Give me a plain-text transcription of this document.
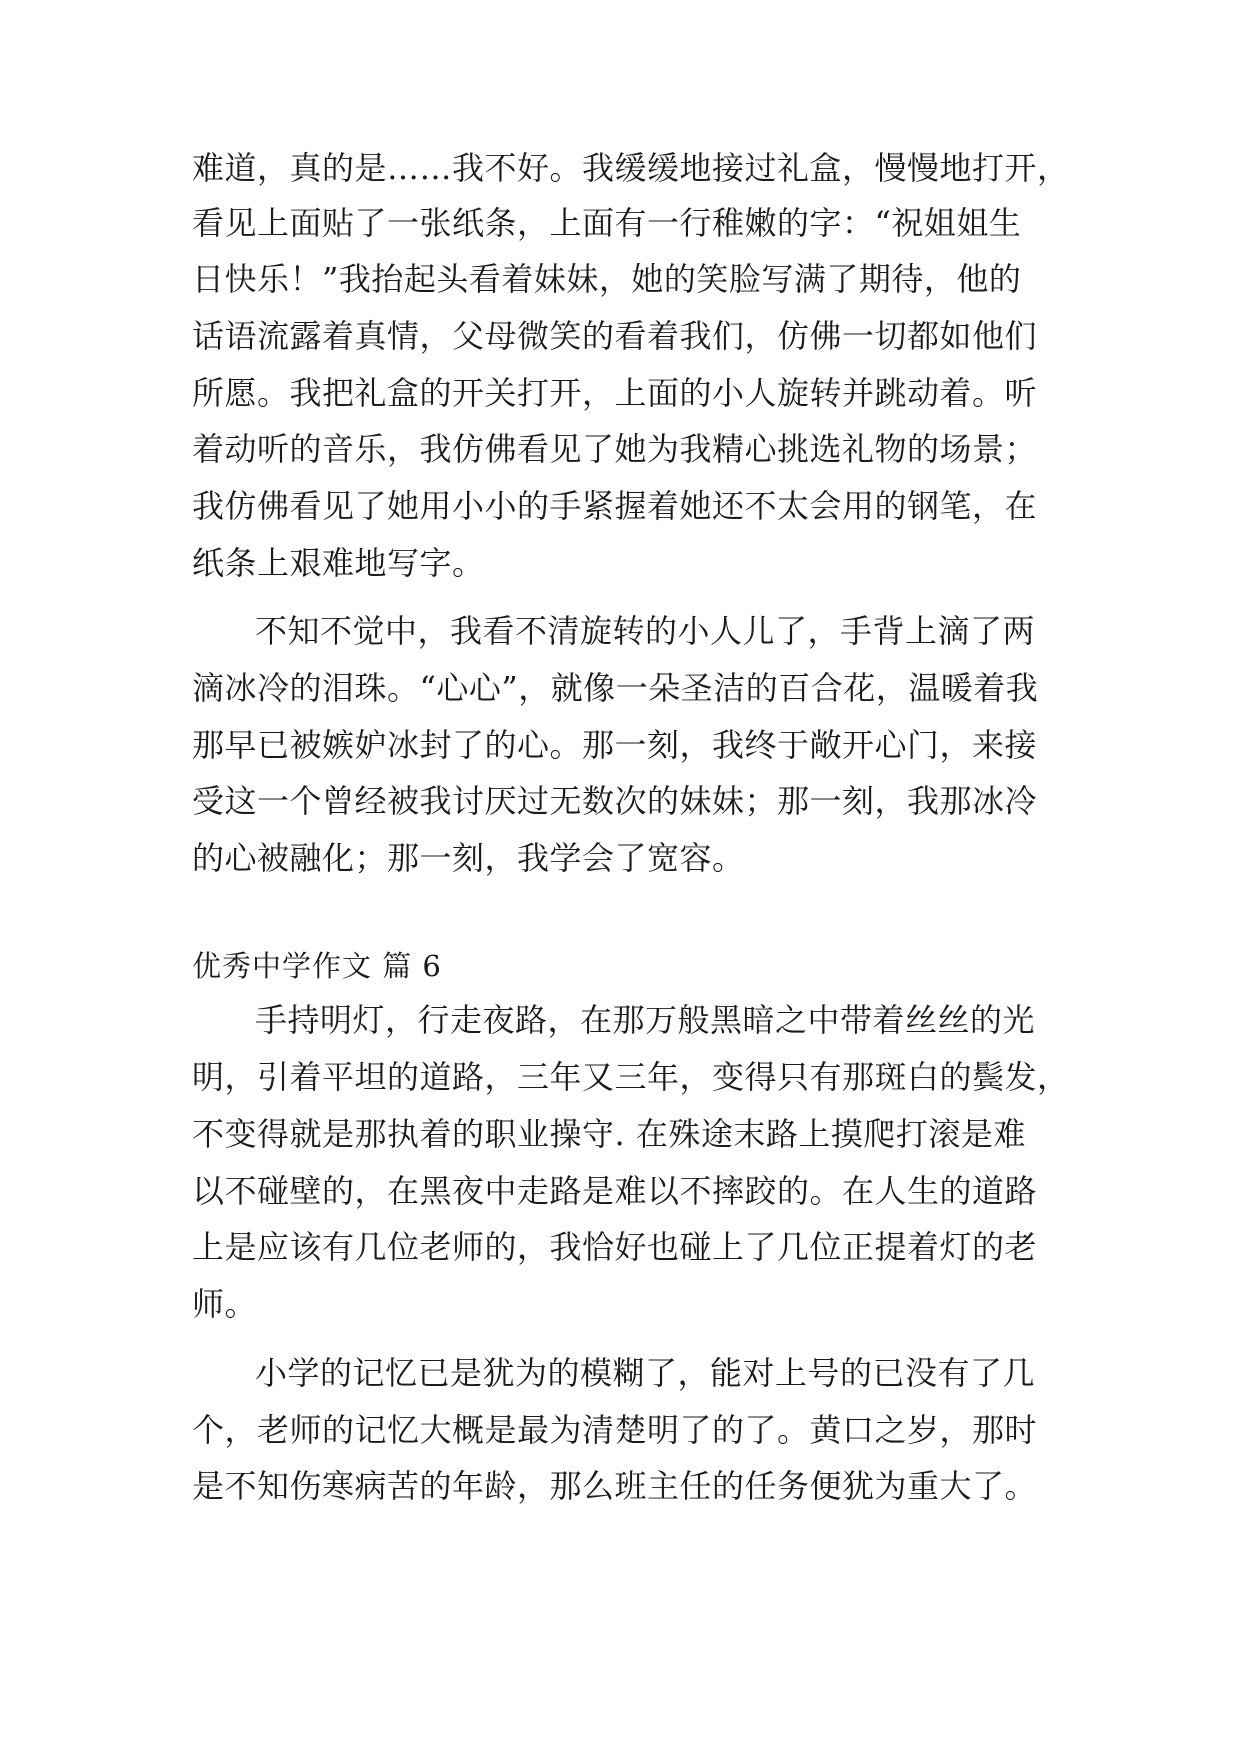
难道，真的是……我不好。我缓缓地接过礼盒，慢慢地打开，
看见上面贴了一张纸条，上面有一行稚嫩的字：“祝姐姐生
日快乐！”我抬起头看着妹妹，她的笑脸写满了期待，他的
话语流露着真情，父母微笑的看着我们，仿佛一切都如他们
所愿。我把礼盒的开关打开，上面的小人旋转并跳动着。听
着动听的音乐，我仿佛看见了她为我精心挑选礼物的场景；
我仿佛看见了她用小小的手紧握着她还不太会用的钢笔，在
纸条上艰难地写字。
不知不觉中，我看不清旋转的小人儿了，手背上滴了两
滴冰冷的泪珠。“心心”，就像一朵圣洁的百合花，温暖着我
那早已被嫉妒冰封了的心。那一刻，我终于敞开心门，来接
受这一个曾经被我讨厌过无数次的妹妹；那一刻，我那冰冷
的心被融化；那一刻，我学会了宽容。
优秀中学作文 篇 6
手持明灯，行走夜路，在那万般黑暗之中带着丝丝的光
明，引着平坦的道路，三年又三年，变得只有那斑白的鬓发，
不变得就是那执着的职业操守. 在殊途末路上摸爬打滚是难
以不碰壁的，在黑夜中走路是难以不摔跤的。在人生的道路
上是应该有几位老师的，我恰好也碰上了几位正提着灯的老
师。
小学的记忆已是犹为的模糊了，能对上号的已没有了几
个，老师的记忆大概是最为清楚明了的了。黄口之岁，那时
是不知伤寒病苦的年龄，那么班主任的任务便犹为重大了。
